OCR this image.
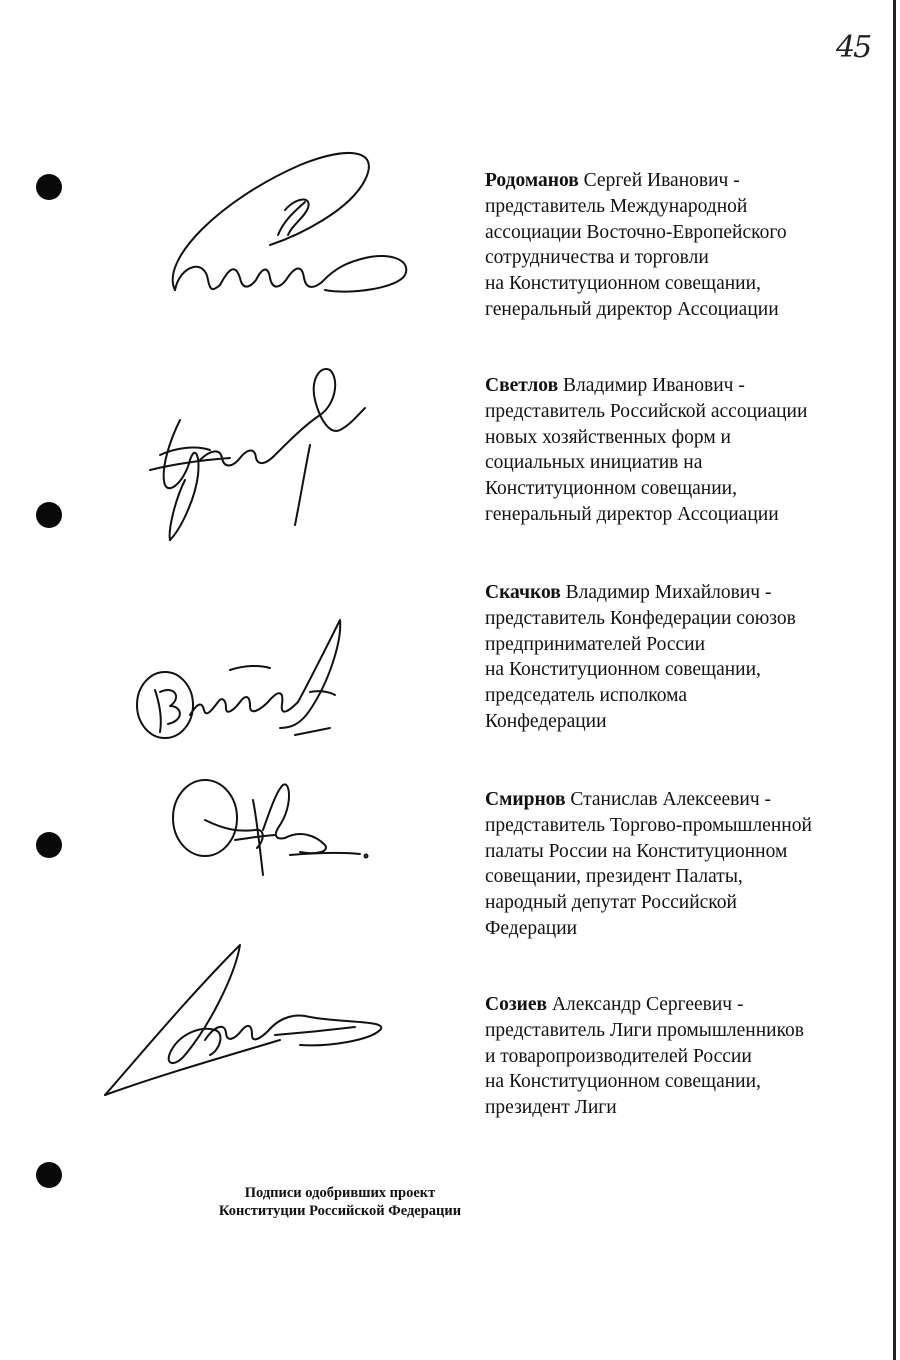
45
Родоманов Сергей Иванович -
представитель Международной
ассоциации Восточно-Европейского
сотрудничества и торговли
на Конституционном совещании,
генеральный директор Ассоциации
Светлов Владимир Иванович -
представитель Российской ассоциации
новых хозяйственных форм и
социальных инициатив на
Конституционном совещании,
генеральный директор Ассоциации
Скачков Владимир Михайлович -
представитель Конфедерации союзов
предпринимателей России
на Конституционном совещании,
председатель исполкома
Конфедерации
Смирнов Станислав Алексеевич -
представитель Торгово-промышленной
палаты России на Конституционном
совещании, президент Палаты,
народный депутат Российской
Федерации
Созиев Александр Сергеевич -
представитель Лиги промышленников
и товаропроизводителей России
на Конституционном совещании,
президент Лиги
Подписи одобривших проект
Конституции Российской Федерации
